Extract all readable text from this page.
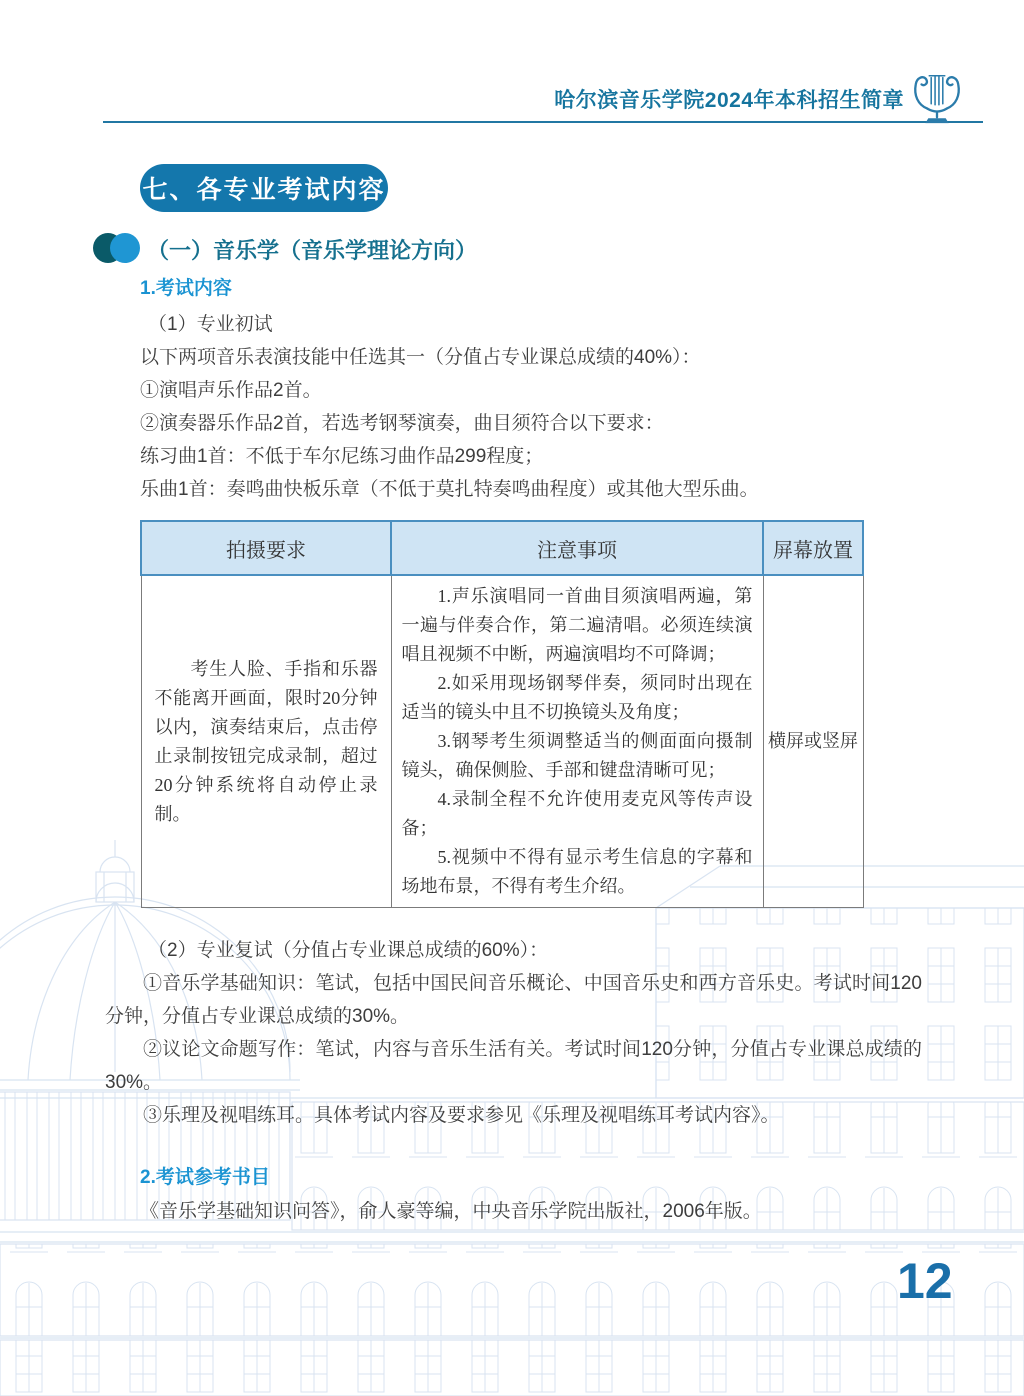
哈尔滨音乐学院2024年本科招生简章
七、各专业考试内容
（一）音乐学（音乐学理论方向）
1.考试内容

（1）专业初试

以下两项音乐表演技能中任选其一（分值占专业课总成绩的40%）：

①演唱声乐作品2首。

②演奏器乐作品2首，若选考钢琴演奏，曲目须符合以下要求：

练习曲1首：不低于车尔尼练习曲作品299程度；

乐曲1首：奏鸣曲快板乐章（不低于莫扎特奏鸣曲程度）或其他大型乐曲。

拍摄要求	注意事项	屏幕放置
考生人脸、手指和乐器不能离开画面，限时20分钟以内，演奏结束后，点击停止录制按钮完成录制，超过20分钟系统将自动停止录制。	1.声乐演唱同一首曲目须演唱两遍，第一遍与伴奏合作，第二遍清唱。必须连续演唱且视频不中断，两遍演唱均不可降调；

2.如采用现场钢琴伴奏，须同时出现在适当的镜头中且不切换镜头及角度；

3.钢琴考生须调整适当的侧面面向摄制镜头，确保侧脸、手部和键盘清晰可见；

4.录制全程不允许使用麦克风等传声设备；

5.视频中不得有显示考生信息的字幕和场地布景，不得有考生介绍。	横屏或竖屏

（2）专业复试（分值占专业课总成绩的60%）：

①音乐学基础知识：笔试，包括中国民间音乐概论、中国音乐史和西方音乐史。考试时间120分钟，分值占专业课总成绩的30%。

②议论文命题写作：笔试，内容与音乐生活有关。考试时间120分钟，分值占专业课总成绩的30%。

③乐理及视唱练耳。具体考试内容及要求参见《乐理及视唱练耳考试内容》。

2.考试参考书目

《音乐学基础知识问答》，俞人豪等编，中央音乐学院出版社，2006年版。

12
